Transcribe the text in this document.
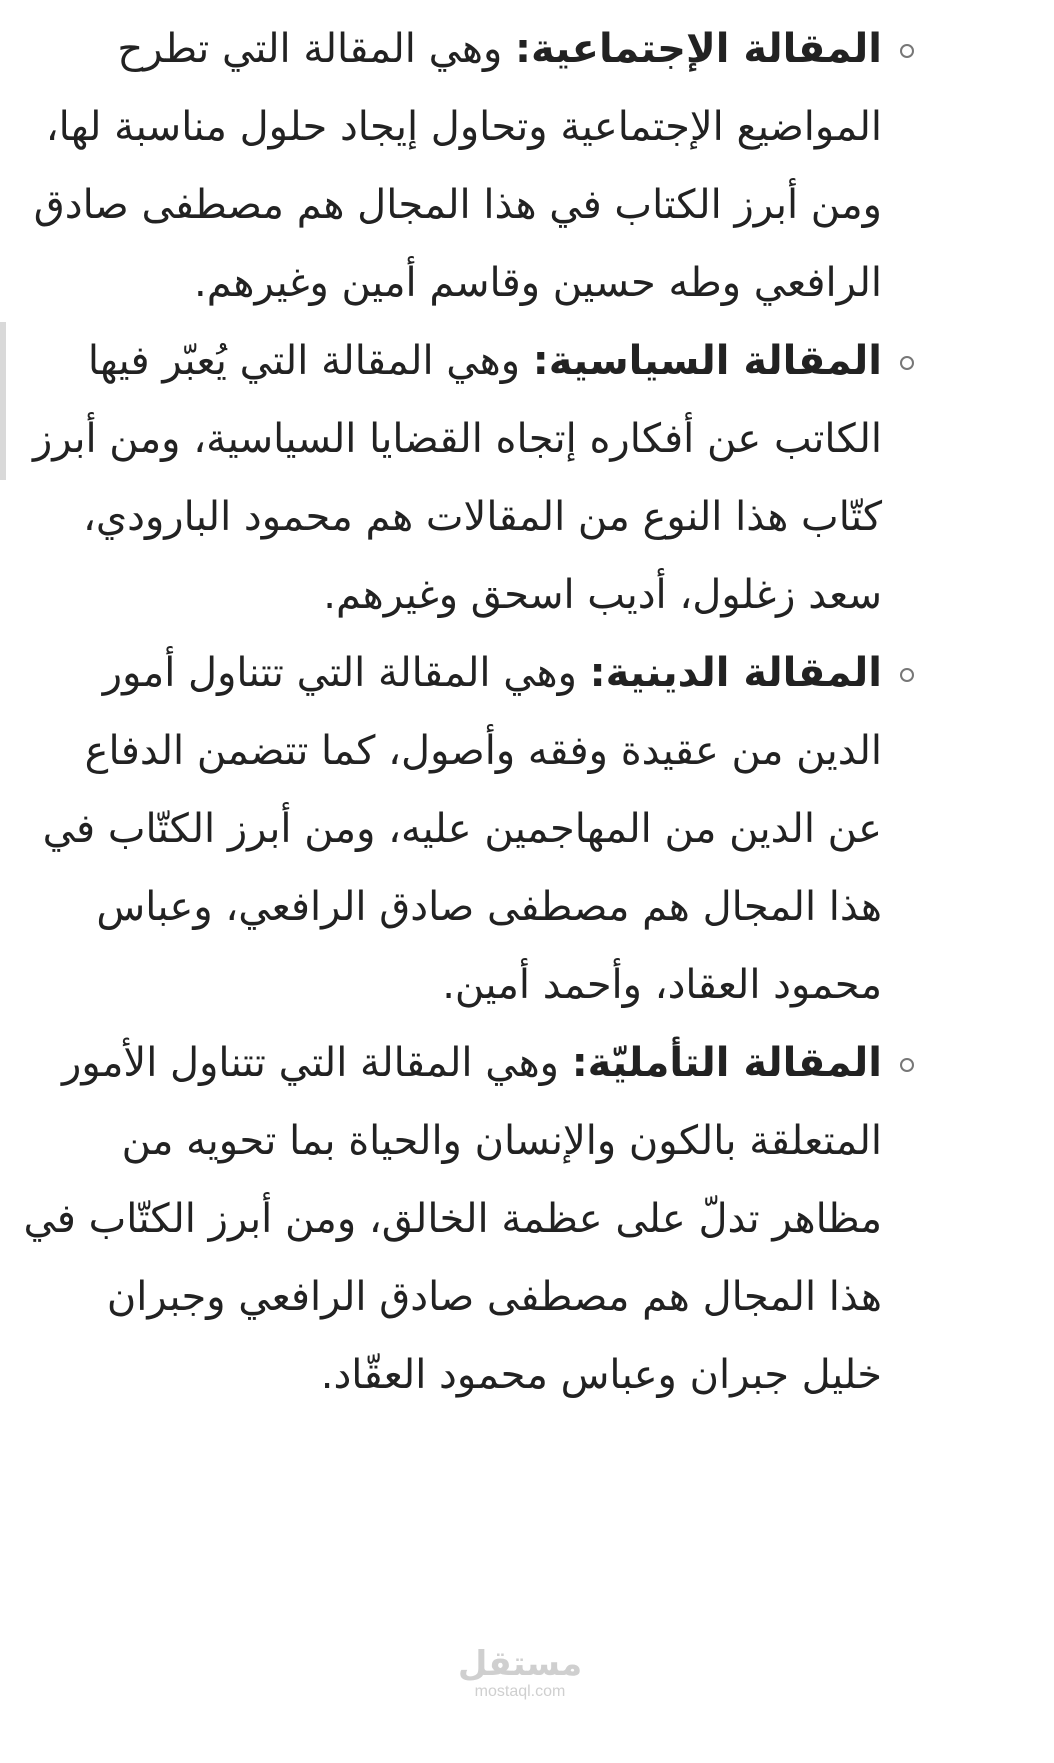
المقالة الإجتماعية: وهي المقالة التي تطرح المواضيع الإجتماعية وتحاول إيجاد حلول مناسبة لها، ومن أبرز الكتاب في هذا المجال هم مصطفى صادق الرافعي وطه حسين وقاسم أمين وغيرهم.

المقالة السياسية: وهي المقالة التي يُعبّر فيها الكاتب عن أفكاره إتجاه القضايا السياسية، ومن أبرز كتّاب هذا النوع من المقالات هم محمود البارودي، سعد زغلول، أديب اسحق وغيرهم.

المقالة الدينية: وهي المقالة التي تتناول أمور الدين من عقيدة وفقه وأصول، كما تتضمن الدفاع عن الدين من المهاجمين عليه، ومن أبرز الكتّاب في هذا المجال هم مصطفى صادق الرافعي، وعباس محمود العقاد، وأحمد أمين.

المقالة التأمليّة: وهي المقالة التي تتناول الأمور المتعلقة بالكون والإنسان والحياة بما تحويه من مظاهر تدلّ على عظمة الخالق، ومن أبرز الكتّاب في هذا المجال هم مصطفى صادق الرافعي وجبران خليل جبران وعباس محمود العقّاد.

مستقل
mostaql.com
